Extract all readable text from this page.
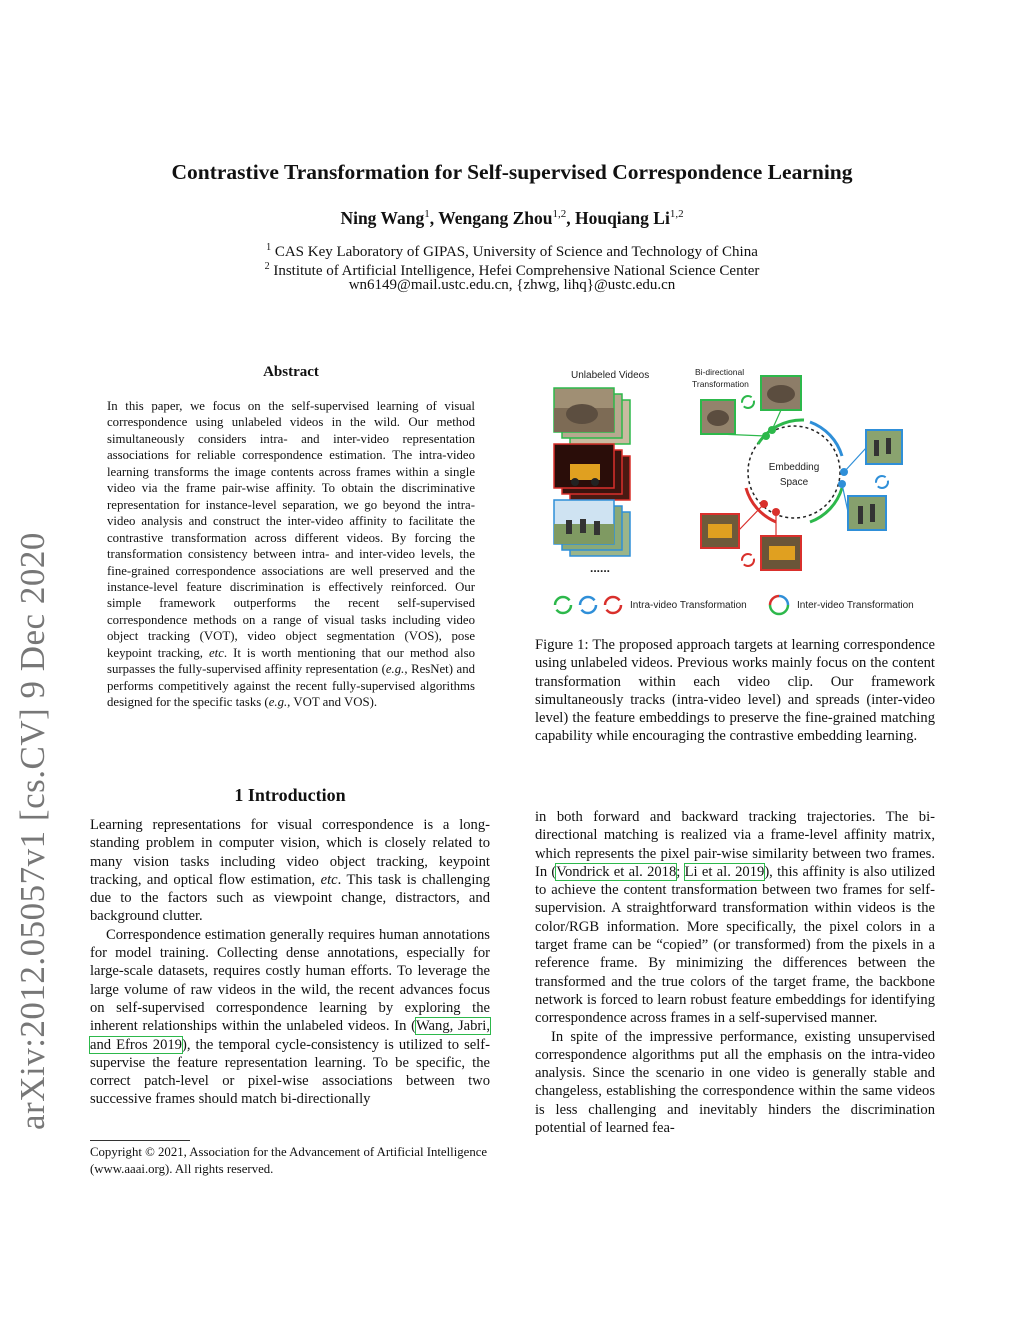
arXiv:2012.05057v1 [cs.CV] 9 Dec 2020
Contrastive Transformation for Self-supervised Correspondence Learning
Ning Wang$^1$, Wengang Zhou$^{1,2}$, Houqiang Li$^{1,2}$
$^1$ CAS Key Laboratory of GIPAS, University of Science and Technology of China
$^2$ Institute of Artificial Intelligence, Hefei Comprehensive National Science Center
wn6149@mail.ustc.edu.cn, {zhwg, lihq}@ustc.edu.cn
Abstract
In this paper, we focus on the self-supervised learning of visual correspondence using unlabeled videos in the wild. Our method simultaneously considers intra- and inter-video representation associations for reliable correspondence estimation. The intra-video learning transforms the image contents across frames within a single video via the frame pair-wise affinity. To obtain the discriminative representation for instance-level separation, we go beyond the intra-video analysis and construct the inter-video affinity to facilitate the contrastive transformation across different videos. By forcing the transformation consistency between intra- and inter-video levels, the fine-grained correspondence associations are well preserved and the instance-level feature discrimination is effectively reinforced. Our simple framework outperforms the recent self-supervised correspondence methods on a range of visual tasks including video object tracking (VOT), video object segmentation (VOS), pose keypoint tracking, etc. It is worth mentioning that our method also surpasses the fully-supervised affinity representation (e.g., ResNet) and performs competitively against the recent fully-supervised algorithms designed for the specific tasks (e.g., VOT and VOS).
1 Introduction

Learning representations for visual correspondence is a long-standing problem in computer vision, which is closely related to many vision tasks including video object tracking, keypoint tracking, and optical flow estimation, etc. This task is challenging due to the factors such as viewpoint change, distractors, and background clutter.

Correspondence estimation generally requires human annotations for model training. Collecting dense annotations, especially for large-scale datasets, requires costly human efforts. To leverage the large volume of raw videos in the wild, the recent advances focus on self-supervised correspondence learning by exploring the inherent relationships within the unlabeled videos. In (Wang, Jabri, and Efros 2019), the temporal cycle-consistency is utilized to self-supervise the feature representation learning. To be specific, the correct patch-level or pixel-wise associations between two successive frames should match bi-directionally

Copyright © 2021, Association for the Advancement of Artificial Intelligence (www.aaai.org). All rights reserved.
Unlabeled Videos	Bi-directional
Transformation
......
Embedding
Space
Intra-video Transformation	Inter-video Transformation
Figure 1: The proposed approach targets at learning correspondence using unlabeled videos. Previous works mainly focus on the content transformation within each video clip. Our framework simultaneously tracks (intra-video level) and spreads (inter-video level) the feature embeddings to preserve the fine-grained matching capability while encouraging the contrastive embedding learning.

in both forward and backward tracking trajectories. The bi-directional matching is realized via a frame-level affinity matrix, which represents the pixel pair-wise similarity between two frames. In (Vondrick et al. 2018; Li et al. 2019), this affinity is also utilized to achieve the content transformation between two frames for self-supervision. A straightforward transformation within videos is the color/RGB information. More specifically, the pixel colors in a target frame can be “copied” (or transformed) from the pixels in a reference frame. By minimizing the differences between the transformed and the true colors of the target frame, the backbone network is forced to learn robust feature embeddings for identifying correspondence across frames in a self-supervised manner.

In spite of the impressive performance, existing unsupervised correspondence algorithms put all the emphasis on the intra-video analysis. Since the scenario in one video is generally stable and changeless, establishing the correspondence within the same videos is less challenging and inevitably hinders the discrimination potential of learned fea-
